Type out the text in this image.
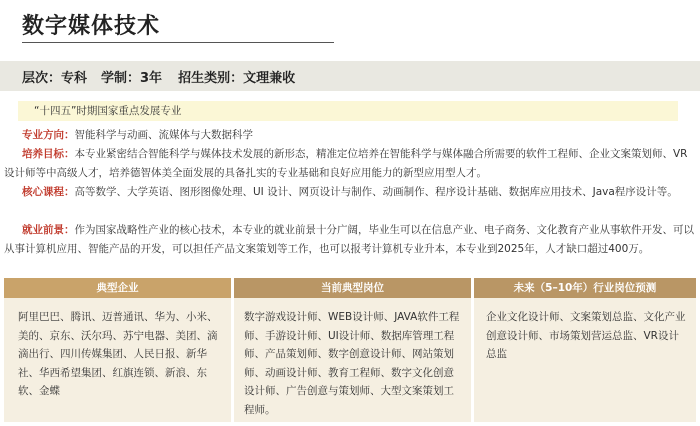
数字媒体技术
层次：专科 学制：3年 招生类别：文理兼收
“十四五”时期国家重点发展专业
专业方向：智能科学与动画、流媒体与大数据科学
培养目标：本专业紧密结合智能科学与媒体技术发展的新形态，精准定位培养在智能科学与媒体融合所需要的软件工程师、企业文案策划师、VR设计师等中高级人才，培养德智体美全面发展的具备扎实的专业基础和良好应用能力的新型应用型人才。
核心课程：高等数学、大学英语、图形图像处理、UI 设计、网页设计与制作、动画制作、程序设计基础、数据库应用技术、Java程序设计等。
就业前景：作为国家战略性产业的核心技术，本专业的就业前景十分广阔，毕业生可以在信息产业、电子商务、文化教育产业从事软件开发、可以从事计算机应用、智能产品的开发，可以担任产品文案策划等工作，也可以报考计算机专业升本，本专业到2025年，人才缺口超过400万。
典型企业
阿里巴巴、腾讯、迈普通讯、华为、小米、美的、京东、沃尔玛、苏宁电器、美团、滴滴出行、四川传媒集团、人民日报、新华社、华西希望集团、红旗连锁、新浪、东软、金蝶
当前典型岗位
数字游戏设计师、WEB设计师、JAVA软件工程师、手游设计师、UI设计师、数据库管理工程师、产品策划师、数字创意设计师、网站策划师、动画设计师、教育工程师、数字文化创意设计师、广告创意与策划师、大型文案策划工程师。
未来（5–10年）行业岗位预测
企业文化设计师、文案策划总监、文化产业创意设计师、市场策划营运总监、VR设计总监
